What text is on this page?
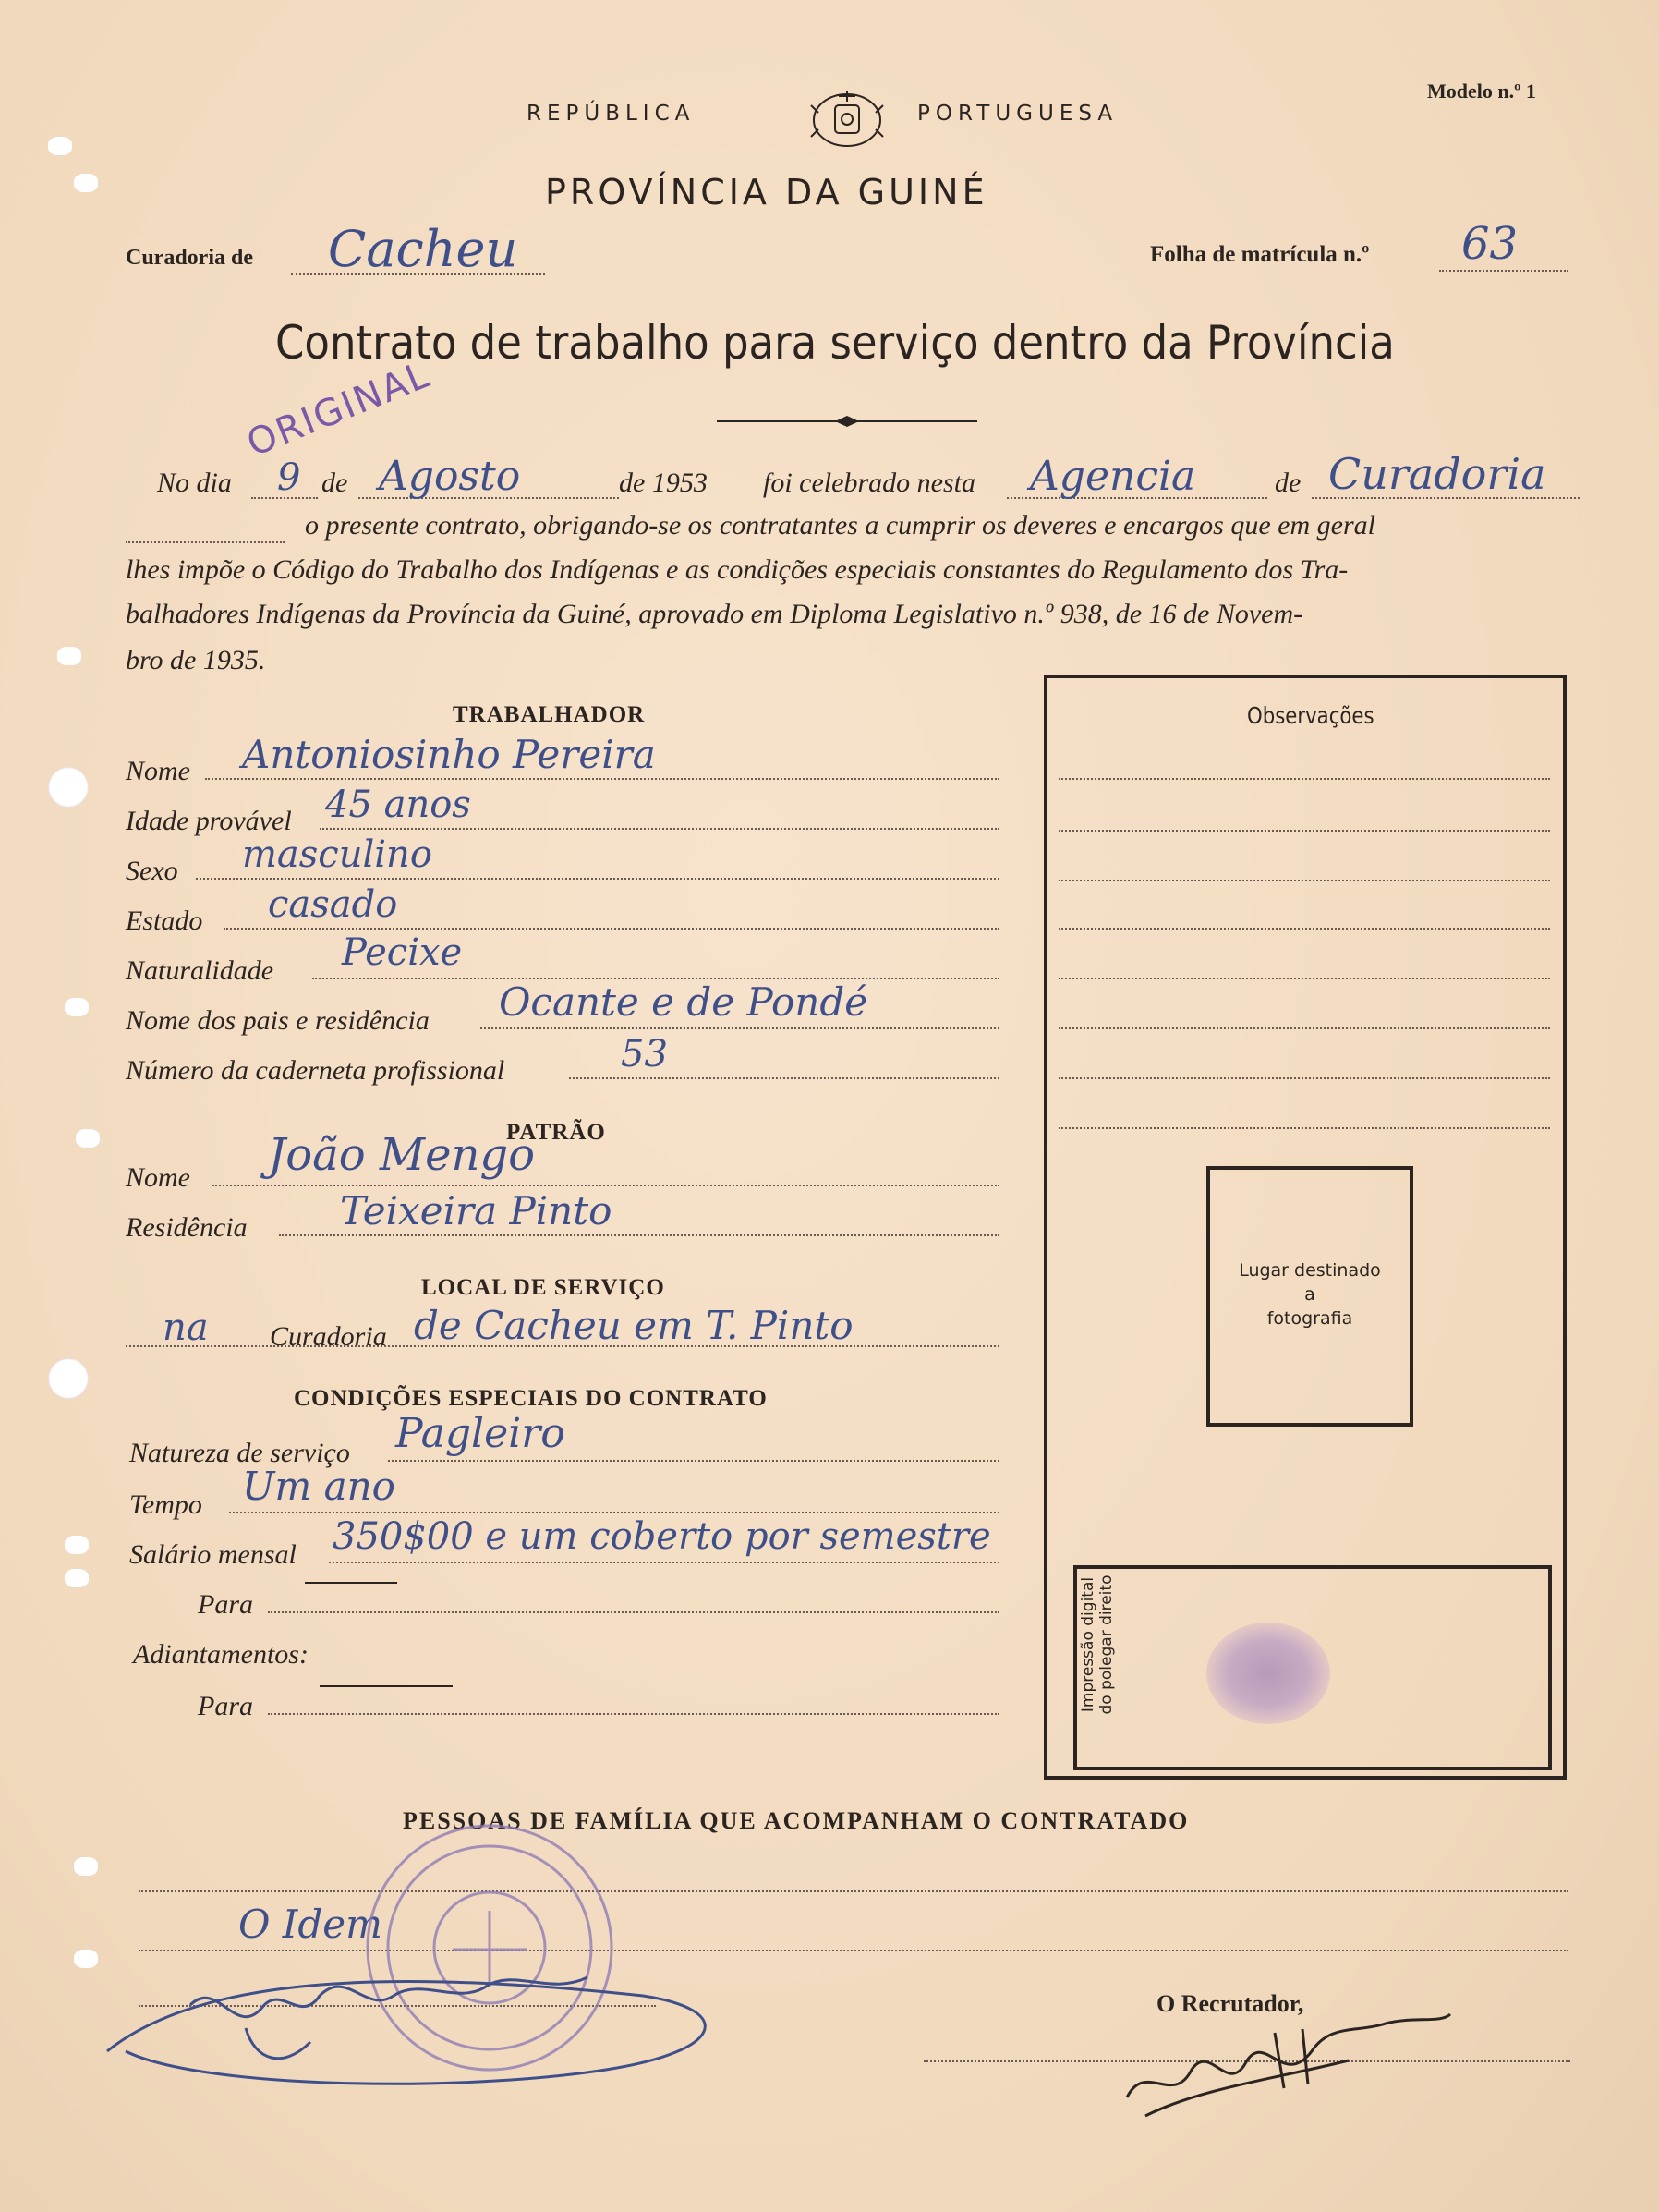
Modelo n.º 1
REPÚBLICA	PORTUGUESA
PROVÍNCIA DA GUINÉ
Curadoria de Cacheu	Folha de matrícula n.º 63
Contrato de trabalho para serviço dentro da Província
ORIGINAL
No dia 9 de Agosto	de 1953 foi celebrado nesta Agencia	de Curadoria
o presente contrato, obrigando-se os contratantes a cumprir os deveres e encargos que em geral
lhes impõe o Código do Trabalho dos Indígenas e as condições especiais constantes do Regulamento dos Tra-
balhadores Indígenas da Província da Guiné, aprovado em Diploma Legislativo n.º 938, de 16 de Novem-
bro de 1935.
Observações
Lugar destinado
a
fotografia
Impressão digital do polegar direito
TRABALHADOR
Nome Antoniosinho Pereira
Idade provável 45 anos
Sexo masculino
Estado casado
Naturalidade Pecixe
Nome dos pais e residência Ocante e de Pondé
Número da caderneta profissional	53
PATRÃO
Nome João Mengo
Residência Teixeira Pinto
LOCAL DE SERVIÇO
na Curadoria de Cacheu em T. Pinto
CONDIÇÕES ESPECIAIS DO CONTRATO
Natureza de serviço Pagleiro
Tempo Um ano
Salário mensal 350$00 e um coberto por semestre
Para
Adiantamentos:
Para
PESSOAS DE FAMÍLIA QUE ACOMPANHAM O CONTRATADO
O Idem
O Recrutador,
